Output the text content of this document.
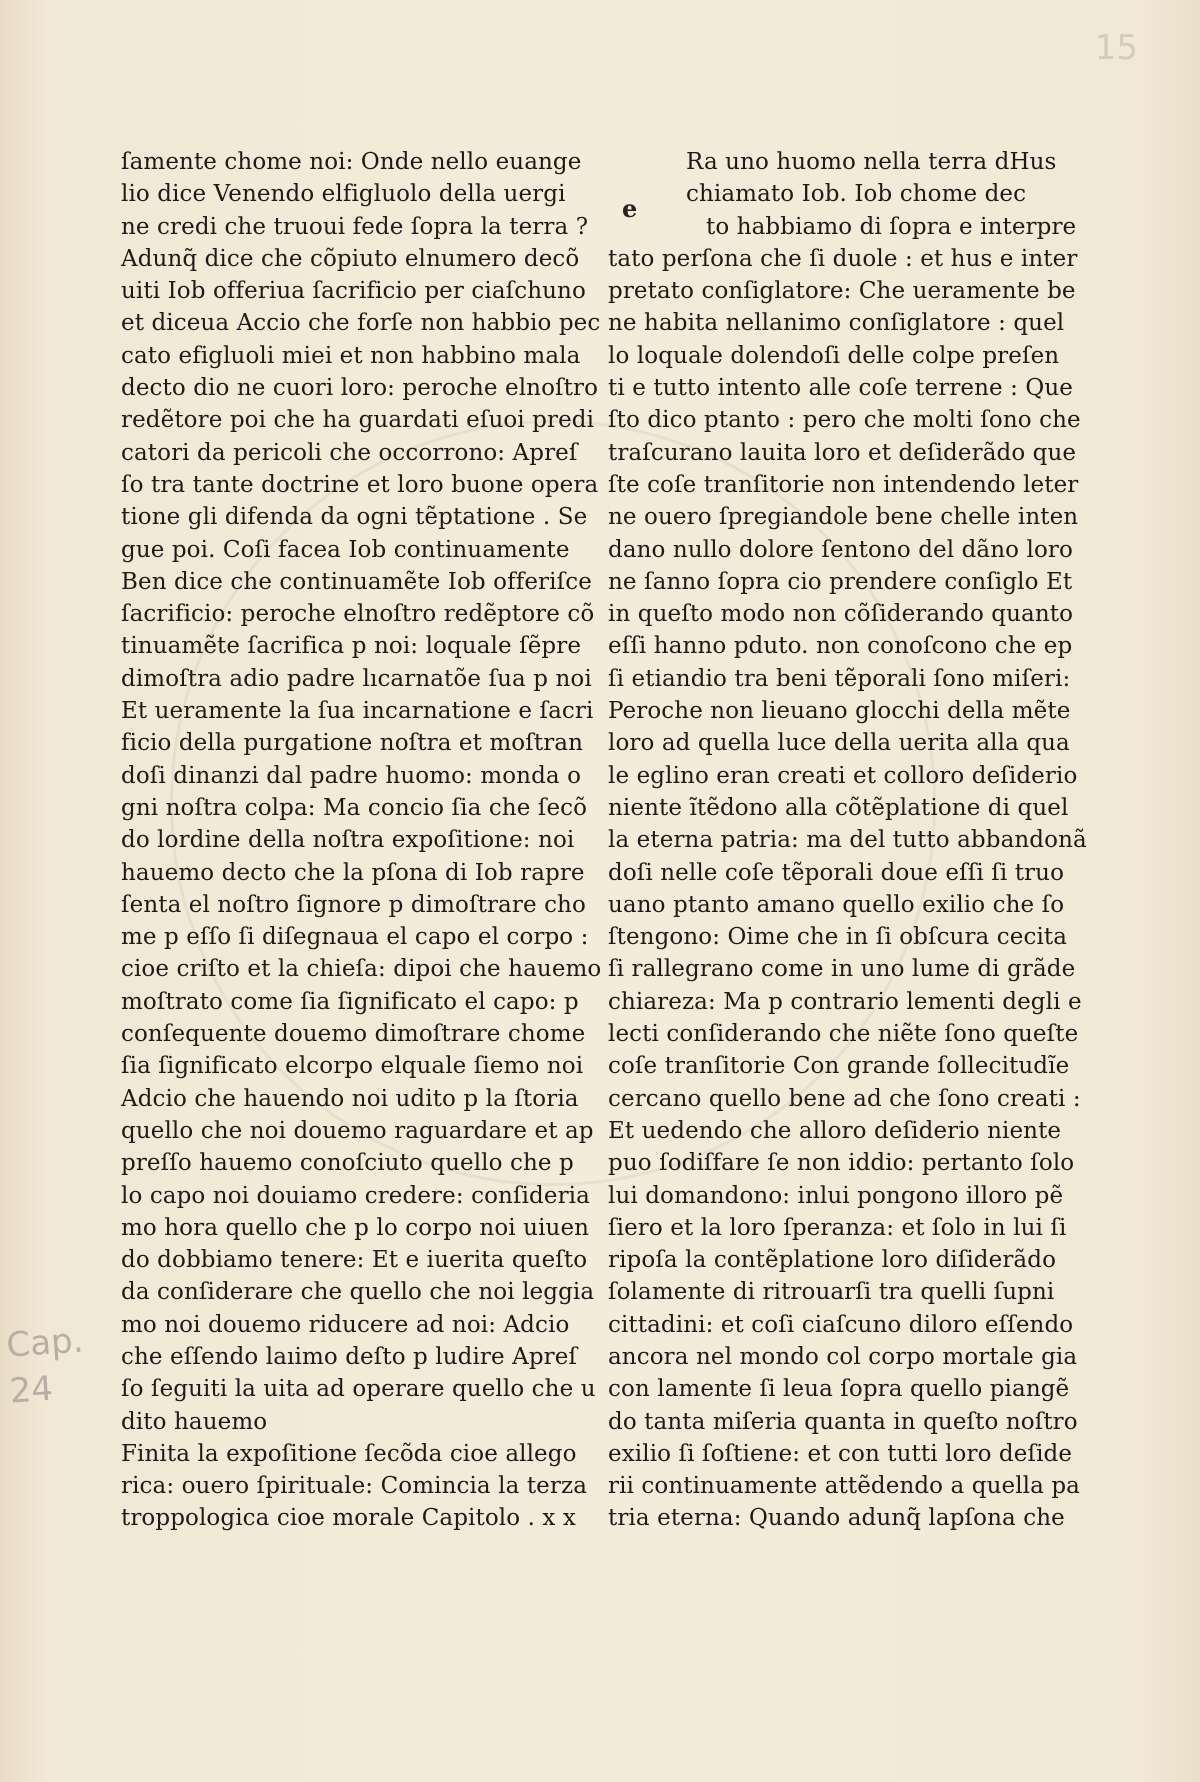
15
e
Cap.
24
ſamente chome noi: Onde nello euange
lio dice Venendo elfigluolo della uergi
ne credi che truoui fede ſopra la terra ?
Adunq̃ dice che cõpiuto elnumero decõ
uiti Iob offeriua ſacrificio per ciaſchuno
et diceua Accio che forſe non habbio pec
cato efigluoli miei et non habbino mala
decto dio ne cuori loro: peroche elnoſtro
redẽtore poi che ha guardati eſuoi predi
catori da pericoli che occorrono: Apreſ
ſo tra tante doctrine et loro buone opera
tione gli difenda da ogni tẽptatione . Se
gue poi. Coſi facea Iob continuamente
Ben dice che continuamẽte Iob offeriſce
ſacrificio: peroche elnoſtro redẽptore cõ
tinuamẽte ſacrifica p noi: loquale ſẽpre
dimoſtra adio padre lıcarnatõe ſua p noi
Et ueramente la ſua incarnatione e ſacri
ficio della purgatione noſtra et moſtran
doſi dinanzi dal padre huomo: monda o
gni noſtra colpa: Ma concio ſia che ſecõ
do lordine della noſtra expoſitione: noi
hauemo decto che la pſona di Iob rapre
ſenta el noſtro ſignore p dimoſtrare cho
me p eſſo ſi diſegnaua el capo el corpo :
cioe criſto et la chieſa: dipoi che hauemo
moſtrato come ſia ſignificato el capo: p
conſequente douemo dimoſtrare chome
ſia ſignificato elcorpo elquale ſiemo noi
Adcio che hauendo noi udito p la ſtoria
quello che noi douemo raguardare et ap
preſſo hauemo conoſciuto quello che p
lo capo noi douiamo credere: conſideria
mo hora quello che p lo corpo noi uiuen
do dobbiamo tenere: Et e iuerita queſto
da conſiderare che quello che noi leggia
mo noi douemo riducere ad noi: Adcio
che eſſendo laıimo deſto p ludire Apreſ
ſo ſeguiti la uita ad operare quello che u
dito hauemo
Finita la expoſitione ſecõda cioe allego
rica: ouero ſpirituale: Comincia la terza
troppologica cioe morale Capitolo . x x
Ra uno huomo nella terra dHus
chiamato Iob. Iob chome dec
to habbiamo di ſopra e interpre
tato perſona che ſi duole : et hus e inter
pretato conſiglatore: Che ueramente be
ne habita nellanimo conſiglatore : quel
lo loquale dolendoſi delle colpe preſen
ti e tutto intento alle coſe terrene : Que
ſto dico ptanto : pero che molti ſono che
traſcurano lauita loro et deſiderãdo que
ſte coſe tranſitorie non intendendo leter
ne ouero ſpregiandole bene chelle inten
dano nullo dolore ſentono del dãno loro
ne ſanno ſopra cio prendere conſiglo Et
in queſto modo non cõſiderando quanto
eſſi hanno pduto. non conoſcono che ep
ſi etiandio tra beni tẽporali ſono miſeri:
Peroche non lieuano glocchi della mẽte
loro ad quella luce della uerita alla qua
le eglino eran creati et colloro deſiderio
niente ĩtẽdono alla cõtẽplatione di quel
la eterna patria: ma del tutto abbandonã
doſi nelle coſe tẽporali doue eſſi ſi truo
uano ptanto amano quello exilio che ſo
ſtengono: Oime che in ſi obſcura cecita
ſi rallegrano come in uno lume di grãde
chiareza: Ma p contrario lementi degli e
lecti conſiderando che niẽte ſono queſte
coſe tranſitorie Con grande ſollecitudĩe
cercano quello bene ad che ſono creati :
Et uedendo che alloro deſiderio niente
puo ſodiſfare ſe non iddio: pertanto ſolo
lui domandono: inlui pongono illoro pẽ
ſiero et la loro ſperanza: et ſolo in lui ſi
ripoſa la contẽplatione loro diſiderãdo
ſolamente di ritrouarſi tra quelli ſupni
cittadini: et coſi ciaſcuno diloro eſſendo
ancora nel mondo col corpo mortale gia
con lamente ſi leua ſopra quello piangẽ
do tanta miſeria quanta in queſto noſtro
exilio ſi ſoſtiene: et con tutti loro deſide
rii continuamente attẽdendo a quella pa
tria eterna: Quando adunq̃ lapſona che
